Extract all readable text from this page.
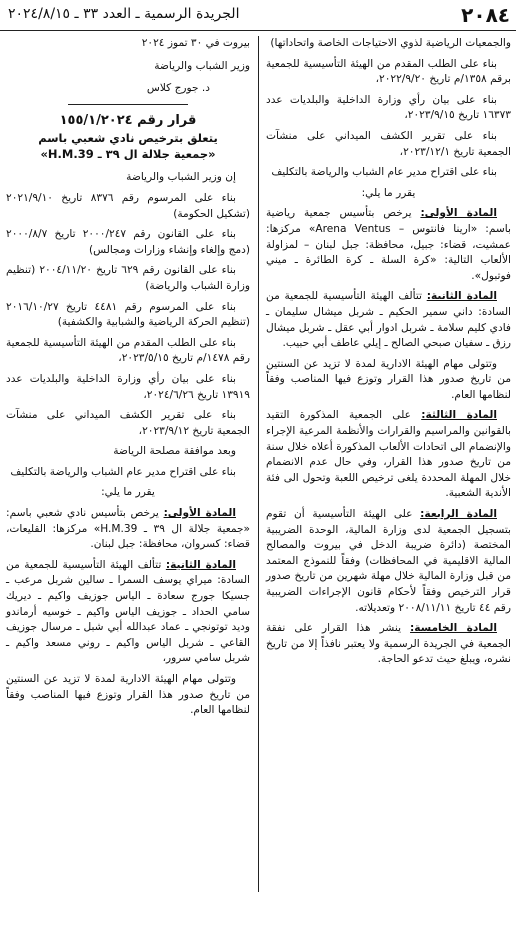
٢٠٨٤
الجريدة الرسمية ـ العدد ٣٣ ـ ٢٠٢٤/٨/١٥

والجمعيات الرياضية لذوي الاحتياجات الخاصة واتحاداتها)

بناء على الطلب المقدم من الهيئة التأسيسية للجمعية برقم ١٣٥٨/م تاريخ ٢٠٢٢/٩/٢٠،

بناء على بيان رأي وزارة الداخلية والبلديات عدد ١٦٣٧٣ تاريخ ٢٠٢٣/٩/١٥،

بناء على تقرير الكشف الميداني على منشآت الجمعية تاريخ ٢٠٢٣/١٢/١،

بناء على اقتراح مدير عام الشباب والرياضة بالتكليف

يقرر ما يلي:

المادة الأولى: يرخص بتأسيس جمعية رياضية باسم: «ارينا فانتوس – Arena Ventus» مركزها: عمشيت، قضاء: جبيل، محافظة: جبل لبنان – لمزاولة الألعاب التالية: «كرة السلة ـ كرة الطائرة ـ ميني فوتبول».

المادة الثانية: تتألف الهيئة التأسيسية للجمعية من السادة: داني سمير الحكيم ـ شربل ميشال سليمان ـ فادي كليم سلامة ـ شربل ادوار أبي عقل ـ شربل ميشال رزق ـ سفيان صبحي الصالح ـ إيلي عاطف أبي حبيب.

وتتولى مهام الهيئة الادارية لمدة لا تزيد عن السنتين من تاريخ صدور هذا القرار وتوزع فيها المناصب وفقاً لنظامها العام.

المادة الثالثة: على الجمعية المذكورة التقيد بالقوانين والمراسيم والقرارات والأنظمة المرعية الإجراء والإنضمام الى اتحادات الألعاب المذكورة أعلاه خلال سنة من تاريخ صدور هذا القرار، وفي حال عدم الانضمام خلال المهلة المحددة يلغى ترخيص اللعبة وتحول الى فئة الأندية الشعبية.

المادة الرابعة: على الهيئة التأسيسية أن تقوم بتسجيل الجمعية لدى وزارة المالية، الوحدة الضريبية المختصة (دائرة ضريبة الدخل في بيروت والمصالح المالية الاقليمية في المحافظات) وفقاً للنموذج المعتمد من قبل وزارة المالية خلال مهلة شهرين من تاريخ صدور قرار الترخيص وفقاً لأحكام قانون الإجراءات الضريبية رقم ٤٤ تاريخ ٢٠٠٨/١١/١١ وتعديلاته.

المادة الخامسة: ينشر هذا القرار على نفقة الجمعية في الجريدة الرسمية ولا يعتبر نافذاً إلا من تاريخ نشره، ويبلغ حيث تدعو الحاجة.

بيروت في ٣٠ تموز ٢٠٢٤

وزير الشباب والرياضة

د. جورج كلاس

قرار رقم ١٥٥/١/٢٠٢٤

يتعلق بترخيص نادي شعبي باسم
«جمعية جلالة ال ٣٩ ـ H.M.39»

إن وزير الشباب والرياضة

بناء على المرسوم رقم ٨٣٧٦ تاريخ ٢٠٢١/٩/١٠ (تشكيل الحكومة)

بناء على القانون رقم ٢٠٠٠/٢٤٧ تاريخ ٢٠٠٠/٨/٧ (دمج وإلغاء وإنشاء وزارات ومجالس)

بناء على القانون رقم ٦٢٩ تاريخ ٢٠٠٤/١١/٢٠ (تنظيم وزارة الشباب والرياضة)

بناء على المرسوم رقم ٤٤٨١ تاريخ ٢٠١٦/١٠/٢٧ (تنظيم الحركة الرياضية والشبابية والكشفية)

بناء على الطلب المقدم من الهيئة التأسيسية للجمعية رقم ١٤٧٨/م تاريخ ٢٠٢٣/٥/١٥،

بناء على بيان رأي وزارة الداخلية والبلديات عدد ١٣٩١٩ تاريخ ٢٠٢٤/٦/٢٦،

بناء على تقرير الكشف الميداني على منشآت الجمعية تاريخ ٢٠٢٣/٩/١٢،

وبعد موافقة مصلحة الرياضة

بناء على اقتراح مدير عام الشباب والرياضة بالتكليف

يقرر ما يلي:

المادة الأولى: يرخص بتأسيس نادي شعبي باسم: «جمعية جلالة ال ٣٩ ـ H.M.39» مركزها: القليعات، قضاء: كسروان، محافظة: جبل لبنان.

المادة الثانية: تتألف الهيئة التأسيسية للجمعية من السادة: ميراي يوسف السمرا ـ سالين شربل مرعب ـ جسيكا جورج سعادة ـ الياس جوزيف واكيم ـ ديريك سامي الحداد ـ جوزيف الياس واكيم ـ خوسيه أرماندو وديد توتونجي ـ عماد عبدالله أبي شبل ـ مرسال جوزيف القاعي ـ شربل الياس واكيم ـ روني مسعد واكيم ـ شربل سامي سرور،

وتتولى مهام الهيئة الادارية لمدة لا تزيد عن السنتين من تاريخ صدور هذا القرار وتوزع فيها المناصب وفقاً لنظامها العام.
